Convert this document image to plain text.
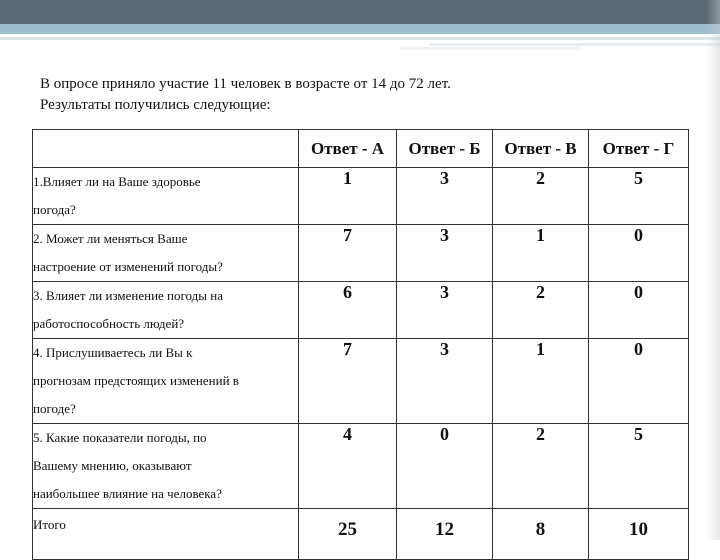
В опросе приняло участие 11 человек в возрасте от 14 до 72 лет.
Результаты получились следующие:
	Ответ - А	Ответ - Б	Ответ - В	Ответ - Г

1.Влияет ли на Ваше здоровье
погода?	1	3	2	5

2. Может ли меняться Ваше
настроение от изменений погоды?	7	3	1	0

3. Влияет ли изменение погоды на
работоспособность людей?	6	3	2	0

4. Прислушиваетесь ли Вы к
прогнозам предстоящих изменений в
погоде?	7	3	1	0

5. Какие показатели погоды, по
Вашему мнению, оказывают
наибольшее влияние на человека?	4	0	2	5
Итого	25	12	8	10
